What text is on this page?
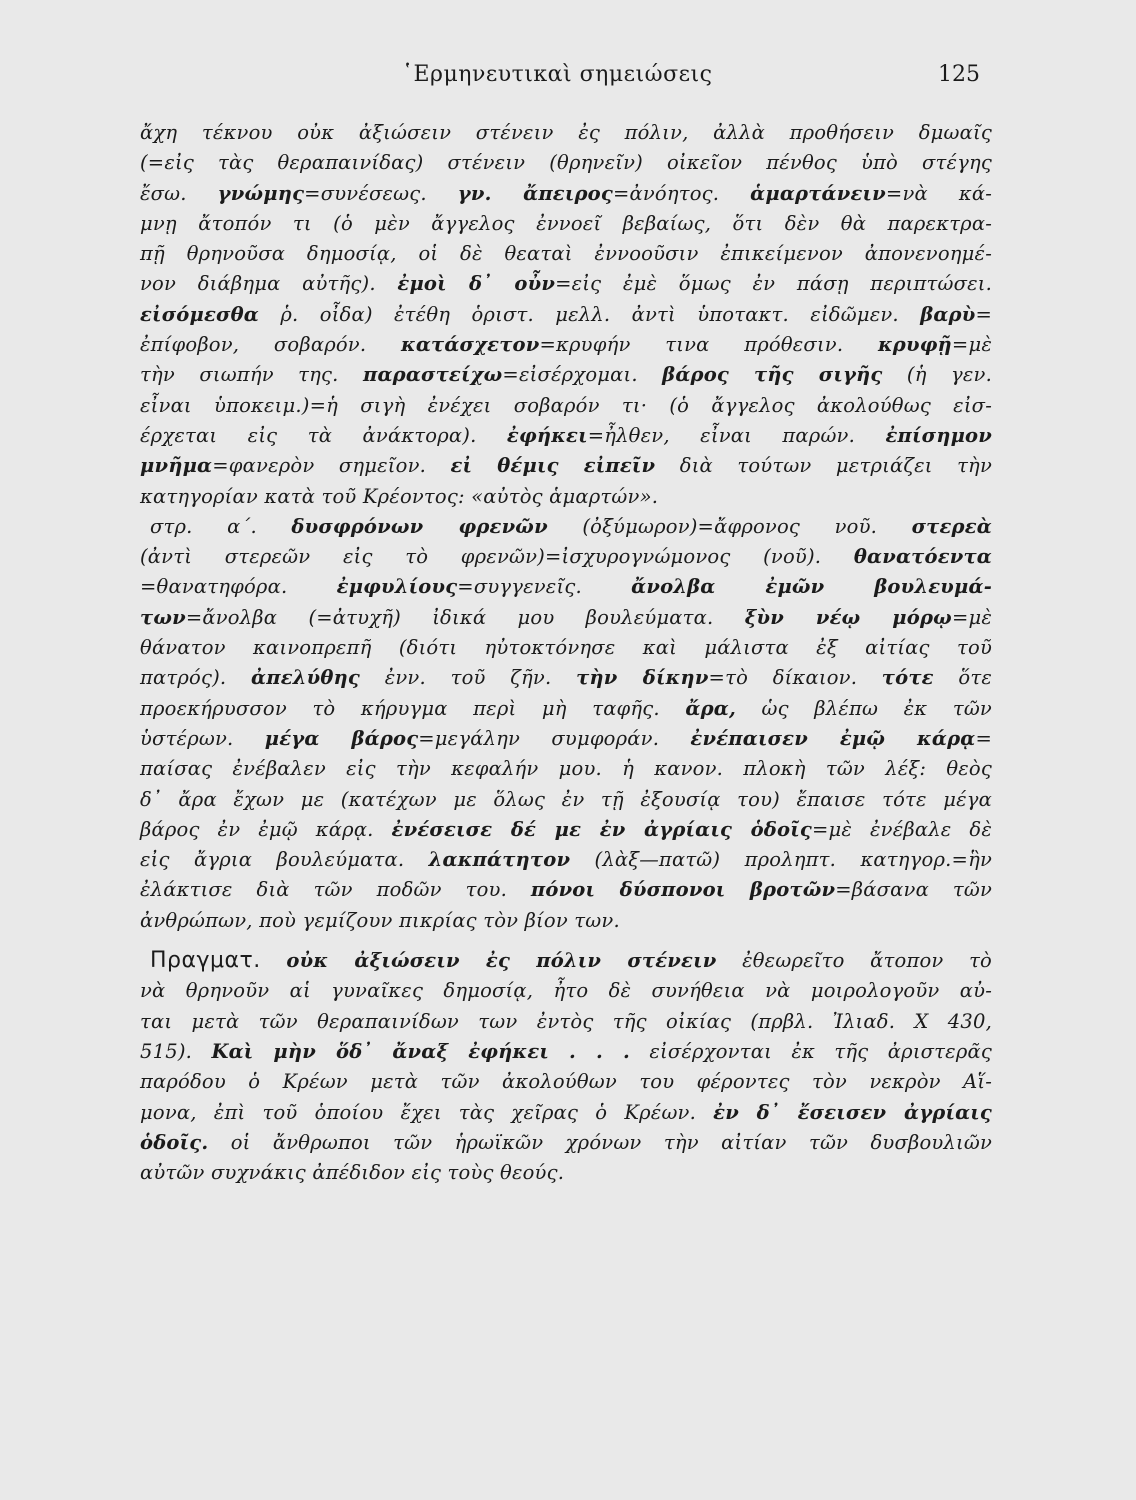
῾Ερμηνευτικαὶ σημειώσεις	125
ἄχη τέκνου οὐκ ἀξιώσειν στένειν ἐς πόλιν, ἀλλὰ προθήσειν δμωαῖς
(=εἰς τὰς θεραπαινίδας) στένειν (θρηνεῖν) οἰκεῖον πένθος ὑπὸ στέγης
ἔσω. γνώμης=συνέσεως. γν. ἄπειρος=ἀνόητος. ἁμαρτάνειν=νὰ κά-
μνῃ ἄτοπόν τι (ὁ μὲν ἄγγελος ἐννοεῖ βεβαίως, ὅτι δὲν θὰ παρεκτρα-
πῇ θρηνοῦσα δημοσίᾳ, οἱ δὲ θεαταὶ ἐννοοῦσιν ἐπικείμενον ἀπονενοημέ-
νον διάβημα αὐτῆς). ἐμοὶ δ᾽ οὖν=εἰς ἐμὲ ὅμως ἐν πάσῃ περιπτώσει.
εἰσόμεσθα ῥ. οἶδα) ἐτέθη ὁριστ. μελλ. ἀντὶ ὑποτακτ. εἰδῶμεν. βαρὺ=
ἐπίφοβον, σοβαρόν. κατάσχετον=κρυφήν τινα πρόθεσιν. κρυφῇ=μὲ
τὴν σιωπήν της. παραστείχω=εἰσέρχομαι. βάρος τῆς σιγῆς (ἡ γεν.
εἶναι ὑποκειμ.)=ἡ σιγὴ ἐνέχει σοβαρόν τι· (ὁ ἄγγελος ἀκολούθως εἰσ-
έρχεται εἰς τὰ ἀνάκτορα). ἐφήκει=ἦλθεν, εἶναι παρών. ἐπίσημον
μνῆμα=φανερὸν σημεῖον. εἰ θέμις εἰπεῖν διὰ τούτων μετριάζει τὴν
κατηγορίαν κατὰ τοῦ Κρέοντος: «αὐτὸς ἁμαρτών».
στρ. α΄. δυσφρόνων φρενῶν (ὀξύμωρον)=ἄφρονος νοῦ. στερεὰ
(ἀντὶ στερεῶν εἰς τὸ φρενῶν)=ἰσχυρογνώμονος (νοῦ). θανατόεντα
=θανατηφόρα. ἐμφυλίους=συγγενεῖς. ἄνολβα ἐμῶν βουλευμά-
των=ἄνολβα (=ἀτυχῆ) ἰδικά μου βουλεύματα. ξὺν νέῳ μόρῳ=μὲ
θάνατον καινοπρεπῆ (διότι ηὐτοκτόνησε καὶ μάλιστα ἐξ αἰτίας τοῦ
πατρός). ἀπελύθης ἐνν. τοῦ ζῆν. τὴν δίκην=τὸ δίκαιον. τότε ὅτε
προεκήρυσσον τὸ κήρυγμα περὶ μὴ ταφῆς. ἄρα, ὡς βλέπω ἐκ τῶν
ὑστέρων. μέγα βάρος=μεγάλην συμφοράν. ἐνέπαισεν ἐμῷ κάρᾳ=
παίσας ἐνέβαλεν εἰς τὴν κεφαλήν μου. ἡ κανον. πλοκὴ τῶν λέξ: θεὸς
δ᾽ ἄρα ἔχων με (κατέχων με ὅλως ἐν τῇ ἐξουσίᾳ του) ἔπαισε τότε μέγα
βάρος ἐν ἐμῷ κάρᾳ. ἐνέσεισε δέ με ἐν ἀγρίαις ὁδοῖς=μὲ ἐνέβαλε δὲ
εἰς ἄγρια βουλεύματα. λακπάτητον (λὰξ—πατῶ) προληπτ. κατηγορ.=ἣν
ἐλάκτισε διὰ τῶν ποδῶν του. πόνοι δύσπονοι βροτῶν=βάσανα τῶν
ἀνθρώπων, ποὺ γεμίζουν πικρίας τὸν βίον των.
Πραγματ. οὐκ ἀξιώσειν ἐς πόλιν στένειν ἐθεωρεῖτο ἄτοπον τὸ
νὰ θρηνοῦν αἱ γυναῖκες δημοσίᾳ, ἦτο δὲ συνήθεια νὰ μοιρολογοῦν αὐ-
ται μετὰ τῶν θεραπαινίδων των ἐντὸς τῆς οἰκίας (πρβλ. Ἰλιαδ. Χ 430,
515). Καὶ μὴν ὅδ᾽ ἄναξ ἐφήκει . . . εἰσέρχονται ἐκ τῆς ἀριστερᾶς
παρόδου ὁ Κρέων μετὰ τῶν ἀκολούθων του φέροντες τὸν νεκρὸν Αἵ-
μονα, ἐπὶ τοῦ ὁποίου ἔχει τὰς χεῖρας ὁ Κρέων. ἐν δ᾽ ἔσεισεν ἀγρίαις
ὁδοῖς. οἱ ἄνθρωποι τῶν ἡρωϊκῶν χρόνων τὴν αἰτίαν τῶν δυσβουλιῶν
αὐτῶν συχνάκις ἀπέδιδον εἰς τοὺς θεούς.
